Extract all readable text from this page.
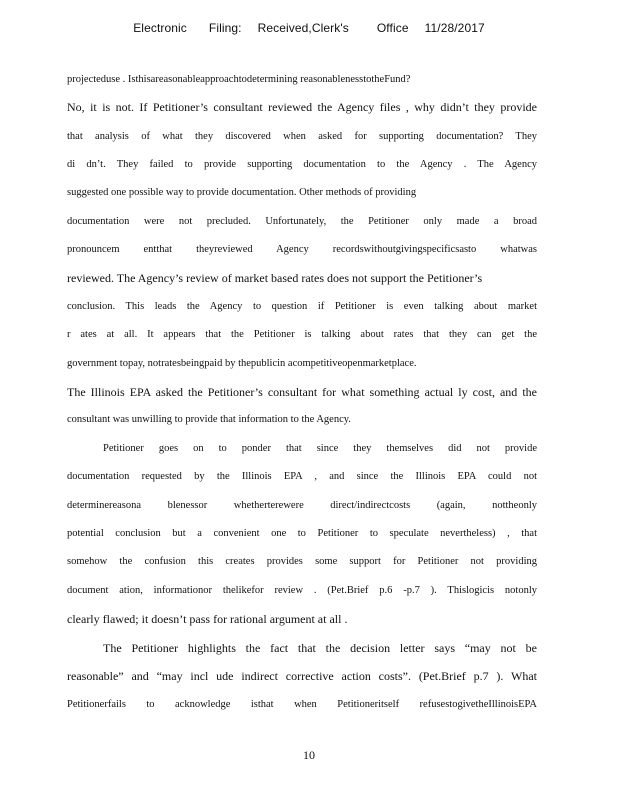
Electronic Filing: Received,Clerk's Office 11/28/2017
projecteduse . Isthisareasonableapproachtodetermining reasonablenesstotheFund?
No, it is not. If Petitioner’s consultant reviewed the Agency files , why didn’t they provide
that analysis of what they discovered when asked for supporting documentation? They
di dn’t. They failed to provide supporting documentation to the Agency . The Agency
suggested one possible way to provide documentation. Other methods of providing
documentation were not precluded. Unfortunately, the Petitioner only made a broad
pronouncem entthat theyreviewed Agency recordswithoutgivingspecificsasto whatwas
reviewed. The Agency’s review of market based rates does not support the Petitioner’s
conclusion. This leads the Agency to question if Petitioner is even talking about market
r ates at all. It appears that the Petitioner is talking about rates that they can get the
government topay, notratesbeingpaid by thepublicin acompetitiveopenmarketplace.
The Illinois EPA asked the Petitioner’s consultant for what something actual ly cost, and the
consultant was unwilling to provide that information to the Agency.
Petitioner goes on to ponder that since they themselves did not provide
documentation requested by the Illinois EPA , and since the Illinois EPA could not
determinereasona blenessor whetherterewere direct/indirectcosts (again, nottheonly
potential conclusion but a convenient one to Petitioner to speculate nevertheless) , that
somehow the confusion this creates provides some support for Petitioner not providing
document ation, informationor thelikefor review . (Pet.Brief p.6 -p.7 ). Thislogicis notonly
clearly flawed; it doesn’t pass for rational argument at all .
The Petitioner highlights the fact that the decision letter says “may not be
reasonable” and “may incl ude indirect corrective action costs”. (Pet.Brief p.7 ). What
Petitionerfails to acknowledge isthat when Petitioneritself refusestogivetheIllinoisEPA
10
